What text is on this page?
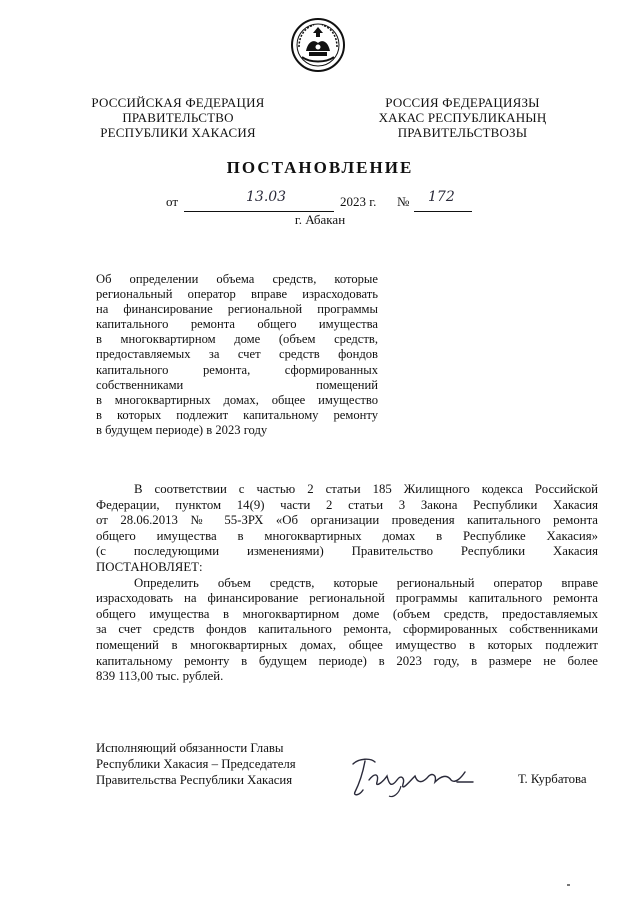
РОССИЙСКАЯ ФЕДЕРАЦИЯ
ПРАВИТЕЛЬСТВО
РЕСПУБЛИКИ ХАКАСИЯ
РОССИЯ ФЕДЕРАЦИЯЗЫ
ХАКАС РЕСПУБЛИКАНЫҢ
ПРАВИТЕЛЬСТВОЗЫ
ПОСТАНОВЛЕНИЕ
от	13.03	2023 г. № 172
г. Абакан
Об определении объема средств, которые
региональный оператор вправе израсходовать
на финансирование региональной программы
капитального ремонта общего имущества
в многоквартирном доме (объем средств,
предоставляемых за счет средств фондов
капитального ремонта, сформированных
собственниками помещений
в многоквартирных домах, общее имущество
в которых подлежит капитальному ремонту
в будущем периоде) в 2023 году
В соответствии с частью 2 статьи 185 Жилищного кодекса Российской
Федерации, пунктом 14(9) части 2 статьи 3 Закона Республики Хакасия
от 28.06.2013 № 55-ЗРХ «Об организации проведения капитального ремонта
общего имущества в многоквартирных домах в Республике Хакасия»
(с последующими изменениями) Правительство Республики Хакасия
ПОСТАНОВЛЯЕТ:
Определить объем средств, которые региональный оператор вправе
израсходовать на финансирование региональной программы капитального ремонта
общего имущества в многоквартирном доме (объем средств, предоставляемых
за счет средств фондов капитального ремонта, сформированных собственниками
помещений в многоквартирных домах, общее имущество в которых подлежит
капитальному ремонту в будущем периоде) в 2023 году, в размере не более
839 113,00 тыс. рублей.
Исполняющий обязанности Главы
Республики Хакасия – Председателя
Правительства Республики Хакасия	Т. Курбатова
